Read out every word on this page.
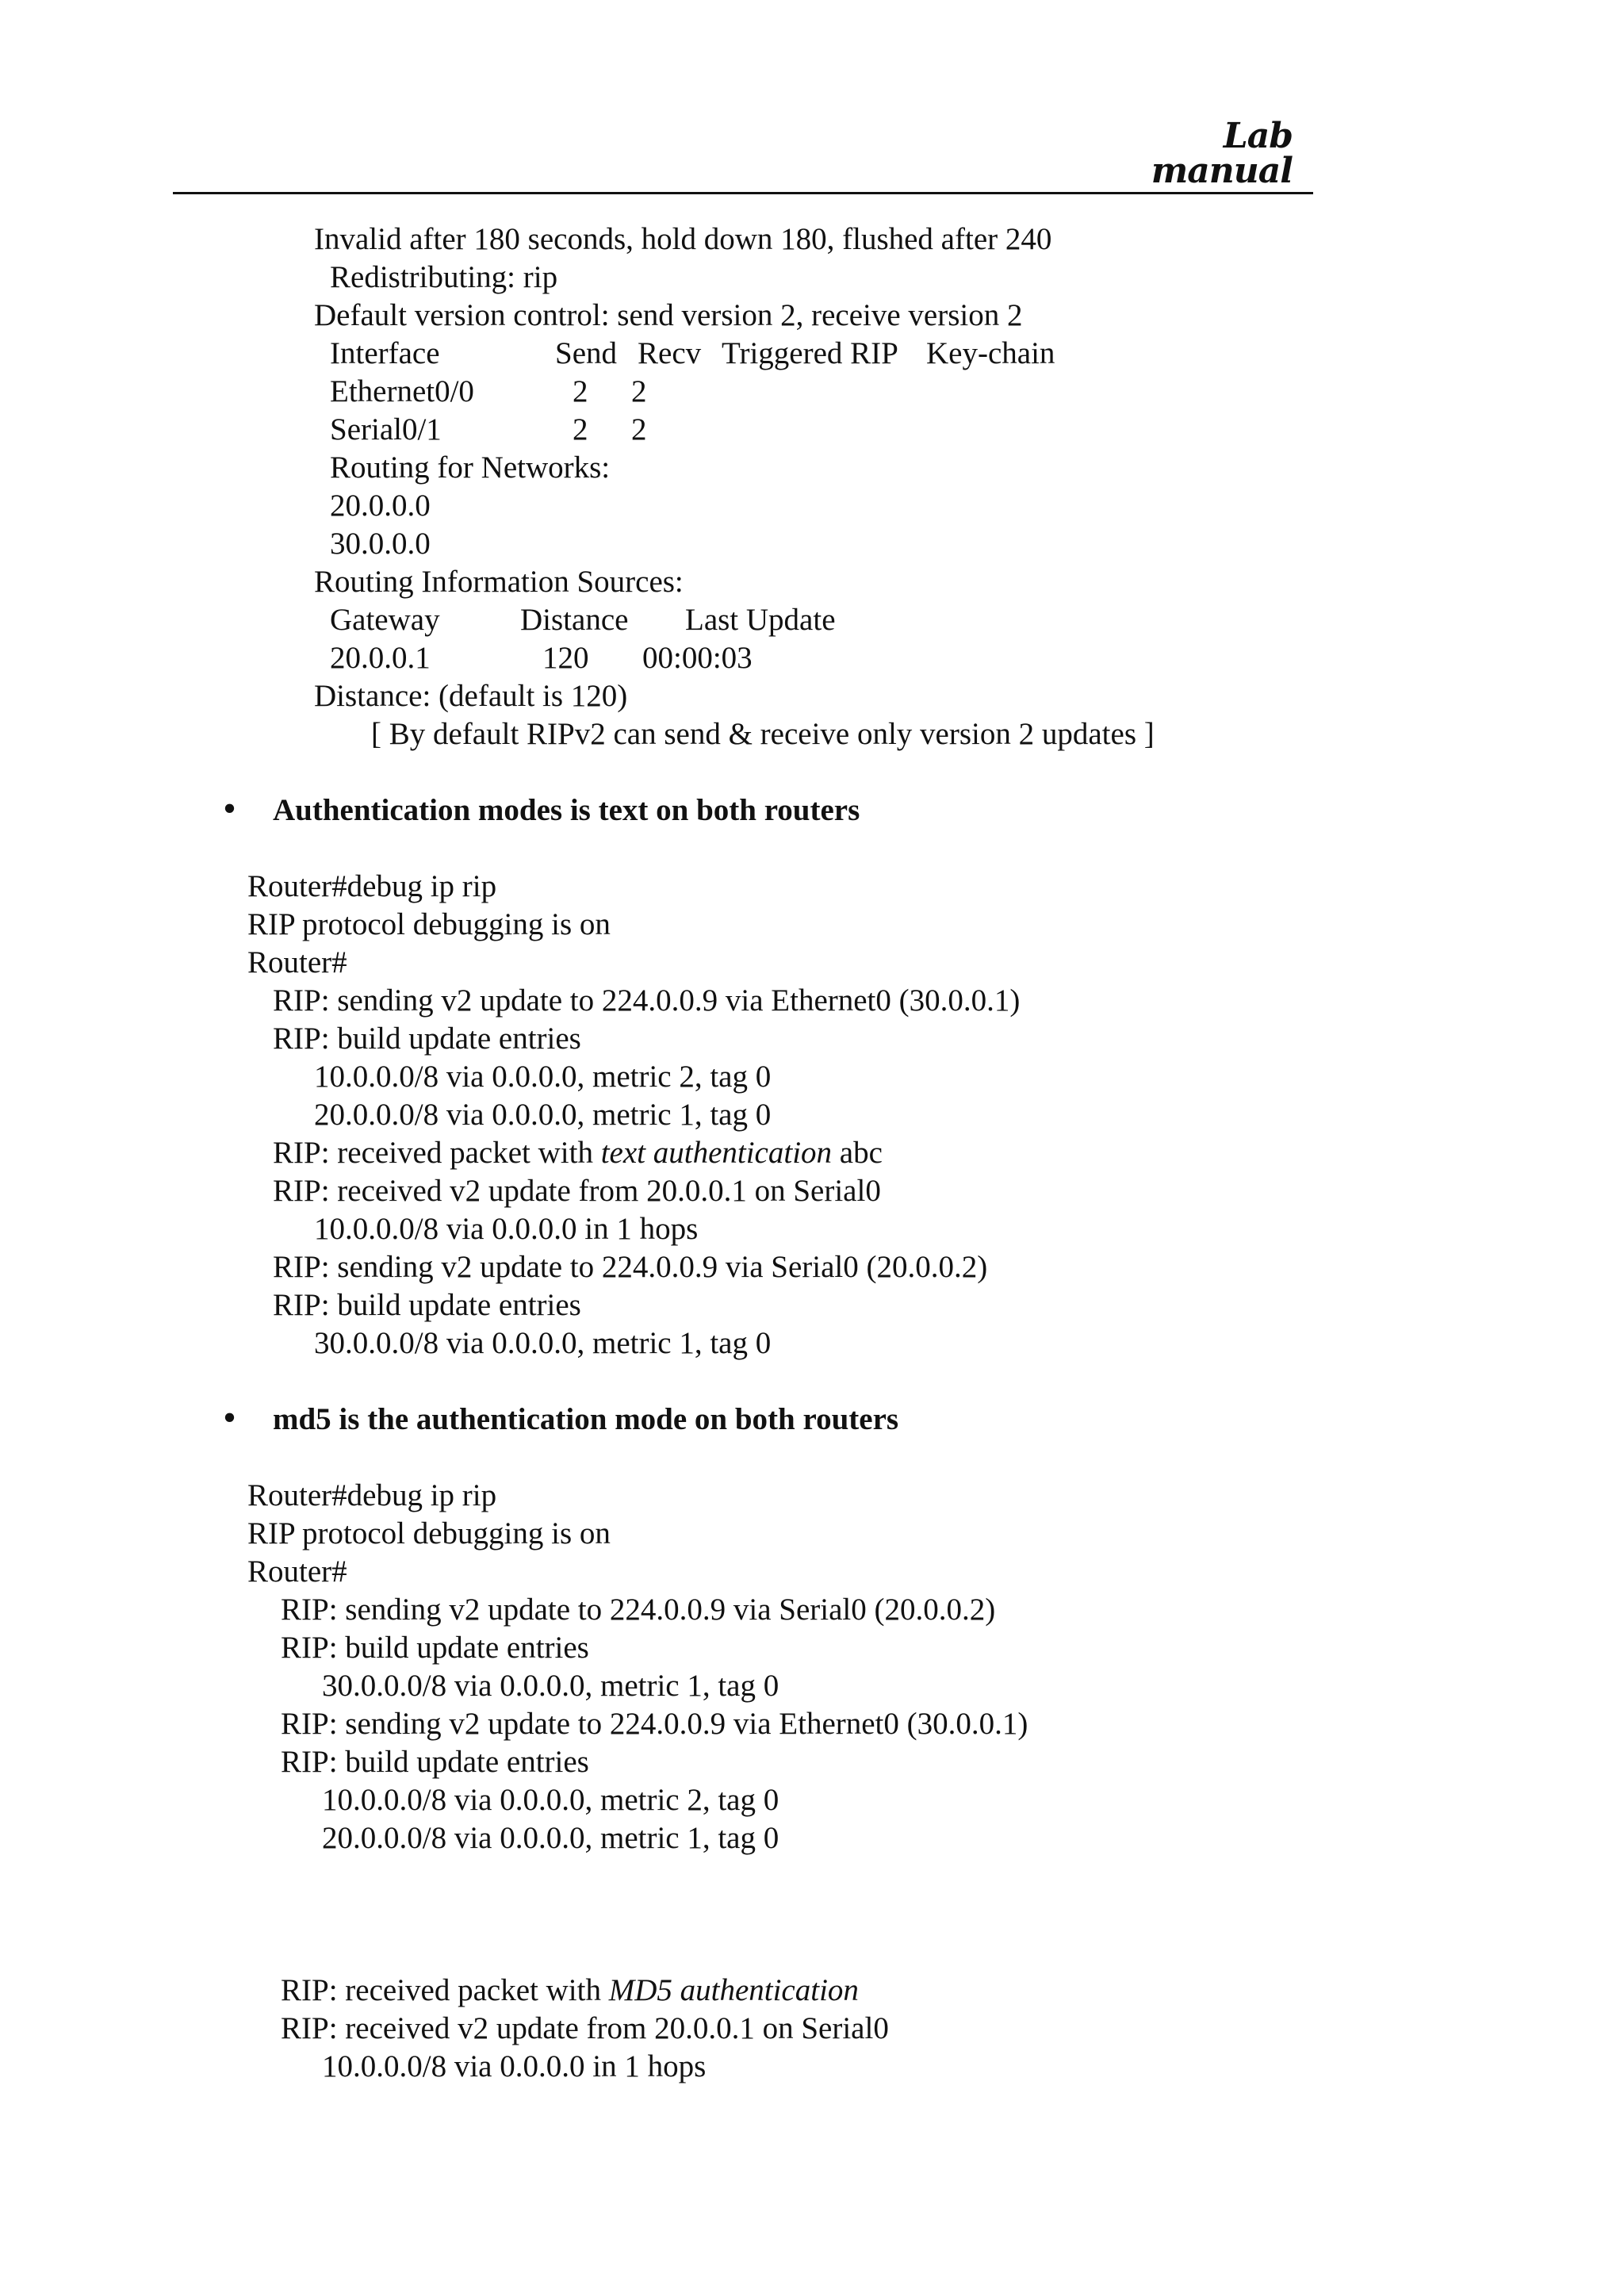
Lab manual
Invalid after 180 seconds, hold down 180, flushed after 240
Redistributing: rip
Default version control: send version 2, receive version 2
Interface	Send Recv Triggered RIP Key-chain
Ethernet0/0	2 2
Serial0/1	2 2
Routing for Networks:
20.0.0.0
30.0.0.0
Routing Information Sources:
Gateway	Distance Last Update
20.0.0.1	120 00:00:03
Distance: (default is 120)
[ By default RIPv2 can send & receive only version 2 updates ]
• Authentication modes is text on both routers
Router#debug ip rip
RIP protocol debugging is on
Router#
RIP: sending v2 update to 224.0.0.9 via Ethernet0 (30.0.0.1)
RIP: build update entries
10.0.0.0/8 via 0.0.0.0, metric 2, tag 0
20.0.0.0/8 via 0.0.0.0, metric 1, tag 0
RIP: received packet with text authentication abc
RIP: received v2 update from 20.0.0.1 on Serial0
10.0.0.0/8 via 0.0.0.0 in 1 hops
RIP: sending v2 update to 224.0.0.9 via Serial0 (20.0.0.2)
RIP: build update entries
30.0.0.0/8 via 0.0.0.0, metric 1, tag 0
• md5 is the authentication mode on both routers
Router#debug ip rip
RIP protocol debugging is on
Router#
RIP: sending v2 update to 224.0.0.9 via Serial0 (20.0.0.2)
RIP: build update entries
30.0.0.0/8 via 0.0.0.0, metric 1, tag 0
RIP: sending v2 update to 224.0.0.9 via Ethernet0 (30.0.0.1)
RIP: build update entries
10.0.0.0/8 via 0.0.0.0, metric 2, tag 0
20.0.0.0/8 via 0.0.0.0, metric 1, tag 0
RIP: received packet with MD5 authentication
RIP: received v2 update from 20.0.0.1 on Serial0
10.0.0.0/8 via 0.0.0.0 in 1 hops
